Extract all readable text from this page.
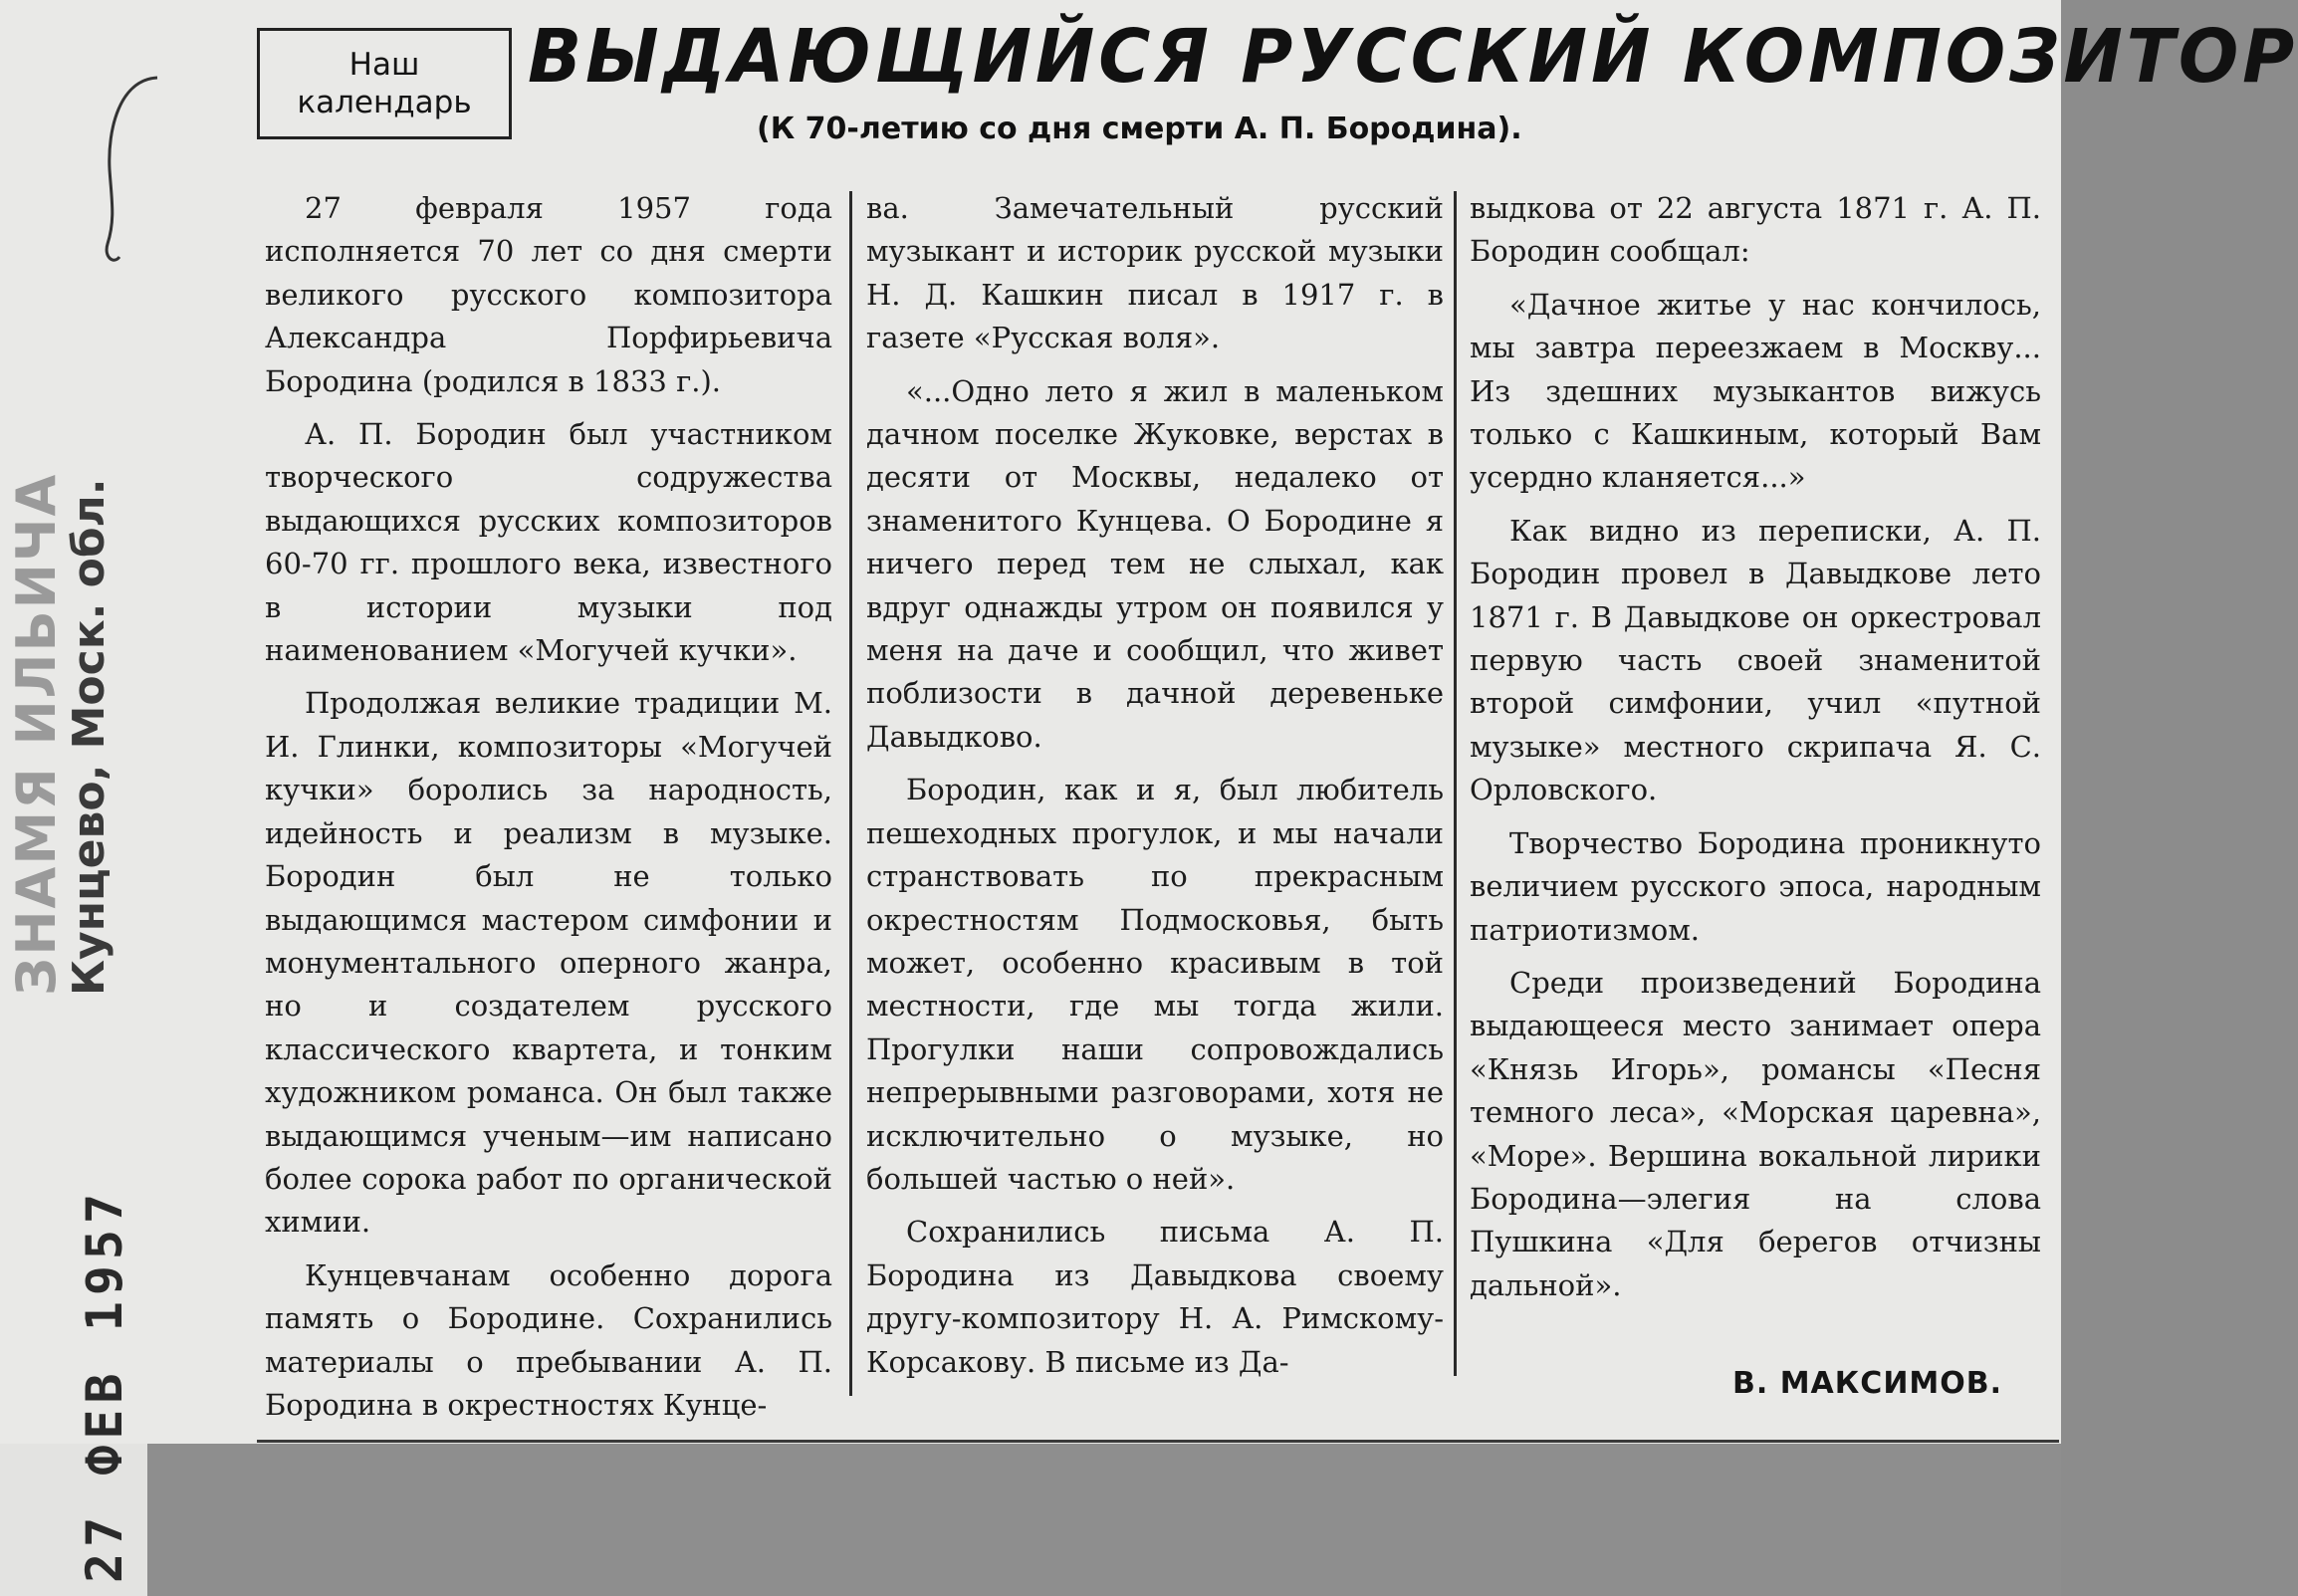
ЗНАМЯ ИЛЬИЧА
Кунцево, Моск. обл.
27 ФЕВ 1957
Наш
календарь
ВЫДАЮЩИЙСЯ РУССКИЙ КОМПОЗИТОР
(К 70-летию со дня смерти А. П. Бородина).

27 февраля 1957 года исполняется 70 лет со дня смерти великого русского композитора Александра Порфирьевича Бородина (родился в 1833 г.).

А. П. Бородин был участником творческого содружества выдающихся русских композиторов 60-70 гг. прошлого века, известного в истории музыки под наименованием «Могучей кучки».

Продолжая великие традиции М. И. Глинки, композиторы «Могучей кучки» боролись за народность, идейность и реализм в музыке. Бородин был не только выдающимся мастером симфонии и монументального оперного жанра, но и создателем русского классического квартета, и тонким художником романса. Он был также выдающимся ученым—им написано более сорока работ по органической химии.

Кунцевчанам особенно дорога память о Бородине. Сохранились материалы о пребывании А. П. Бородина в окрестностях Кунце-

ва. Замечательный русский музыкант и историк русской музыки Н. Д. Кашкин писал в 1917 г. в газете «Русская воля».

«...Одно лето я жил в маленьком дачном поселке Жуковке, верстах в десяти от Москвы, недалеко от знаменитого Кунцева. О Бородине я ничего перед тем не слыхал, как вдруг однажды утром он появился у меня на даче и сообщил, что живет поблизости в дачной деревеньке Давыдково.

Бородин, как и я, был любитель пешеходных прогулок, и мы начали странствовать по прекрасным окрестностям Подмосковья, быть может, особенно красивым в той местности, где мы тогда жили. Прогулки наши сопровождались непрерывными разговорами, хотя не исключительно о музыке, но большей частью о ней».

Сохранились письма А. П. Бородина из Давыдкова своему другу-композитору Н. А. Римскому-Корсакову. В письме из Да-

выдкова от 22 августа 1871 г. А. П. Бородин сообщал:

«Дачное житье у нас кончилось, мы завтра переезжаем в Москву... Из здешних музыкантов вижусь только с Кашкиным, который Вам усердно кланяется...»

Как видно из переписки, А. П. Бородин провел в Давыдкове лето 1871 г. В Давыдкове он оркестровал первую часть своей знаменитой второй симфонии, учил «путной музыке» местного скрипача Я. С. Орловского.

Творчество Бородина проникнуто величием русского эпоса, народным патриотизмом.

Среди произведений Бородина выдающееся место занимает опера «Князь Игорь», романсы «Песня темного леса», «Морская царевна», «Море». Вершина вокальной лирики Бородина—элегия на слова Пушкина «Для берегов отчизны дальной».

В. МАКСИМОВ.
